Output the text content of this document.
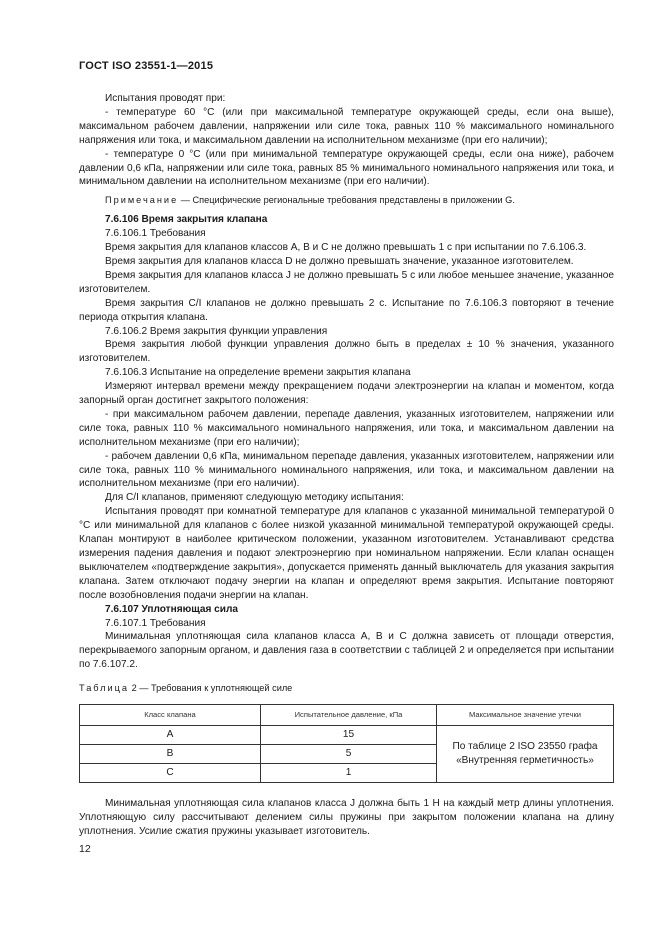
ГОСТ ISO 23551-1—2015

Испытания проводят при:

- температуре 60 °С (или при максимальной температуре окружающей среды, если она выше), максимальном рабочем давлении, напряжении или силе тока, равных 110 % максимального номинального напряжения или тока, и максимальном давлении на исполнительном механизме (при его наличии);

- температуре 0 °С (или при минимальной температуре окружающей среды, если она ниже), рабочем давлении 0,6 кПа, напряжении или силе тока, равных 85 % минимального номинального напряжения или тока, и минимальном давлении на исполнительном механизме (при его наличии).

Примечание — Специфические региональные требования представлены в приложении G.

7.6.106 Время закрытия клапана

7.6.106.1 Требования

Время закрытия для клапанов классов А, В и С не должно превышать 1 с при испытании по 7.6.106.3.

Время закрытия для клапанов класса D не должно превышать значение, указанное изготовителем.

Время закрытия для клапанов класса J не должно превышать 5 с или любое меньшее значение, указанное изготовителем.

Время закрытия С/I клапанов не должно превышать 2 с. Испытание по 7.6.106.3 повторяют в течение периода открытия клапана.

7.6.106.2 Время закрытия функции управления

Время закрытия любой функции управления должно быть в пределах ± 10 % значения, указанного изготовителем.

7.6.106.3 Испытание на определение времени закрытия клапана

Измеряют интервал времени между прекращением подачи электроэнергии на клапан и моментом, когда запорный орган достигнет закрытого положения:

- при максимальном рабочем давлении, перепаде давления, указанных изготовителем, напряжении или силе тока, равных 110 % максимального номинального напряжения, или тока, и максимальном давлении на исполнительном механизме (при его наличии);

- рабочем давлении 0,6 кПа, минимальном перепаде давления, указанных изготовителем, напряжении или силе тока, равных 110 % минимального номинального напряжения, или тока, и максимальном давлении на исполнительном механизме (при его наличии).

Для С/I клапанов, применяют следующую методику испытания:

Испытания проводят при комнатной температуре для клапанов с указанной минимальной температурой 0 °С или минимальной для клапанов с более низкой указанной минимальной температурой окружающей среды. Клапан монтируют в наиболее критическом положении, указанном изготовителем. Устанавливают средства измерения падения давления и подают электроэнергию при номинальном напряжении. Если клапан оснащен выключателем «подтверждение закрытия», допускается применять данный выключатель для указания закрытия клапана. Затем отключают подачу энергии на клапан и определяют время закрытия. Испытание повторяют после возобновления подачи энергии на клапан.

7.6.107 Уплотняющая сила

7.6.107.1 Требования

Минимальная уплотняющая сила клапанов класса А, В и С должна зависеть от площади отверстия, перекрываемого запорным органом, и давления газа в соответствии с таблицей 2 и определяется при испытании по 7.6.107.2.

Таблица 2 — Требования к уплотняющей силе

Класс клапана	Испытательное давление, кПа	Максимальное значение утечки
A	15	По таблице 2 ISO 23550 графа «Внутренняя герметичность»
B	5	
C	1	

Минимальная уплотняющая сила клапанов класса J должна быть 1 Н на каждый метр длины уплотнения. Уплотняющую силу рассчитывают делением силы пружины при закрытом положении клапана на длину уплотнения. Усилие сжатия пружины указывает изготовитель.

12
